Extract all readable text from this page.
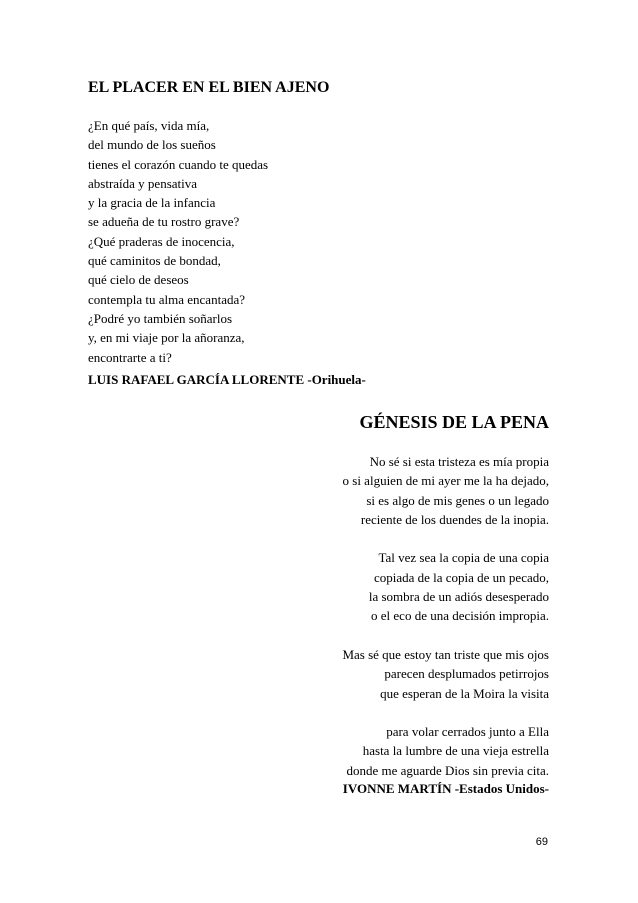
EL PLACER EN EL BIEN AJENO
¿En qué país, vida mía,
del mundo de los sueños
tienes el corazón cuando te quedas
abstraída y pensativa
y la gracia de la infancia
se adueña de tu rostro grave?
¿Qué praderas de inocencia,
qué caminitos de bondad,
qué cielo de deseos
contempla tu alma encantada?
¿Podré yo también soñarlos
y, en mi viaje por la añoranza,
encontrarte a ti?
LUIS RAFAEL GARCÍA LLORENTE -Orihuela-
GÉNESIS DE LA PENA
No sé si esta tristeza es mía propia
o si alguien de mi ayer me la ha dejado,
si es algo de mis genes o un legado
reciente de los duendes de la inopia.
Tal vez sea la copia de una copia
copiada de la copia de un pecado,
la sombra de un adiós desesperado
o el eco de una decisión impropia.
Mas sé que estoy tan triste que mis ojos
parecen desplumados petirrojos
que esperan de la Moira la visita
para volar cerrados junto a Ella
hasta la lumbre de una vieja estrella
donde me aguarde Dios sin previa cita.
IVONNE MARTÍN -Estados Unidos-
69
